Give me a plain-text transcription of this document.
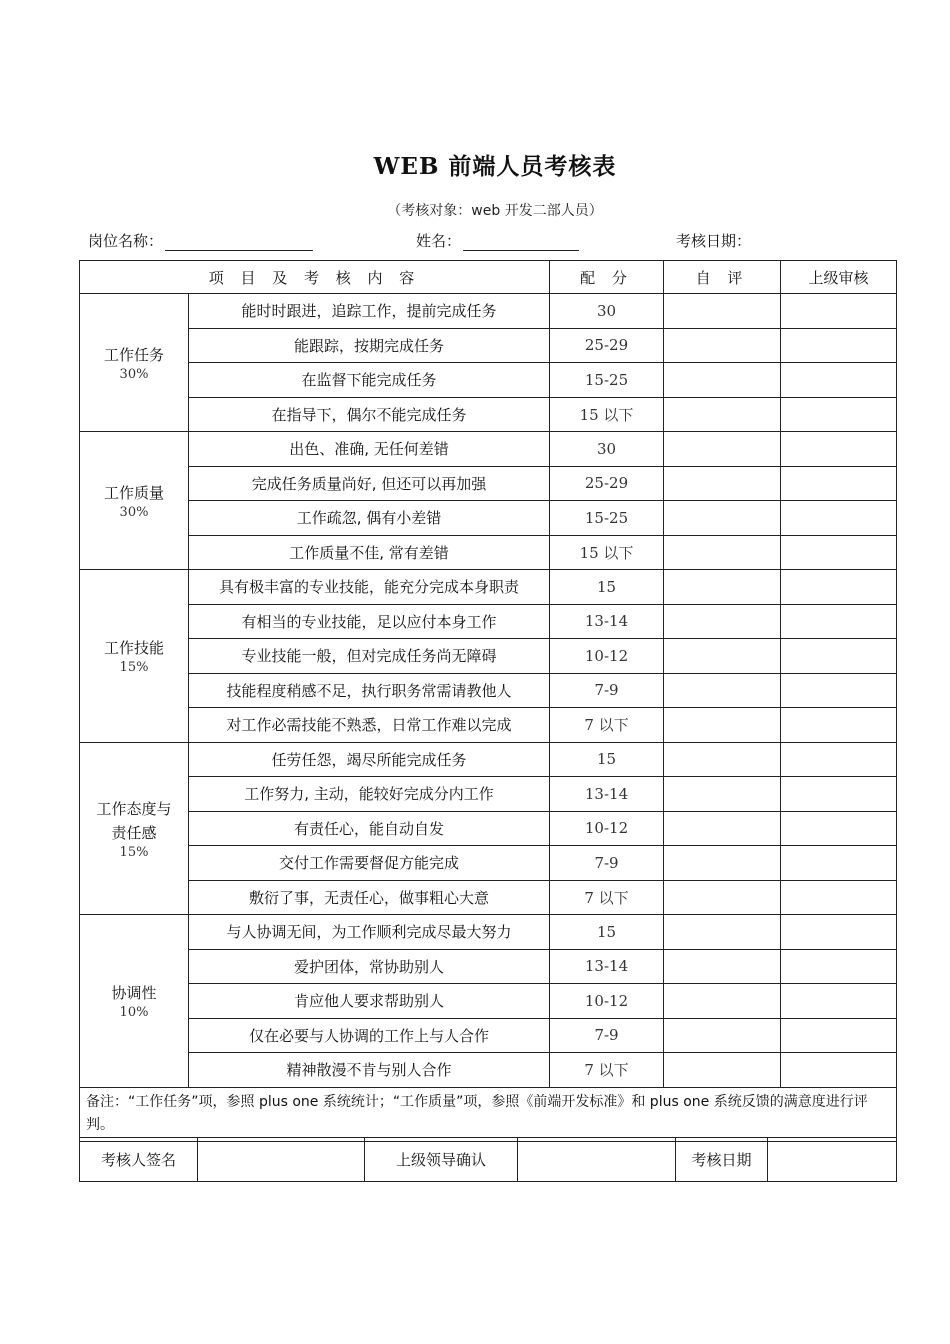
WEB 前端人员考核表
（考核对象：web 开发二部人员）
岗位名称：	姓名：	考核日期：
项 目 及 考 核 内 容		配 分	自 评	上级审核

工作任务
30%	能时时跟进，追踪工作，提前完成任务	30		
	能跟踪，按期完成任务	25-29		
	在监督下能完成任务	15-25		
	在指导下，偶尔不能完成任务	15 以下		

工作质量
30%	出色、准确, 无任何差错	30		
	完成任务质量尚好, 但还可以再加强	25-29		
	工作疏忽, 偶有小差错	15-25		
	工作质量不佳, 常有差错	15 以下		

工作技能
15%	具有极丰富的专业技能，能充分完成本身职责	15		
	有相当的专业技能，足以应付本身工作	13-14		
	专业技能一般，但对完成任务尚无障碍	10-12		
	技能程度稍感不足，执行职务常需请教他人	7-9		
	对工作必需技能不熟悉，日常工作难以完成	7 以下		

工作态度与责任感
15%	任劳任怨，竭尽所能完成任务	15		
	工作努力, 主动，能较好完成分内工作	13-14		
	有责任心，能自动自发	10-12		
	交付工作需要督促方能完成	7-9		
	敷衍了事，无责任心，做事粗心大意	7 以下		

协调性
10%	与人协调无间，为工作顺利完成尽最大努力	15		
	爱护团体，常协助别人	13-14		
	肯应他人要求帮助别人	10-12		
	仅在必要与人协调的工作上与人合作	7-9		
	精神散漫不肯与别人合作	7 以下		
备注：“工作任务”项，参照 plus one 系统统计；“工作质量”项，参照《前端开发标准》和 plus one 系统反馈的满意度进行评判。				
考核人签名		上级领导确认		考核日期	
